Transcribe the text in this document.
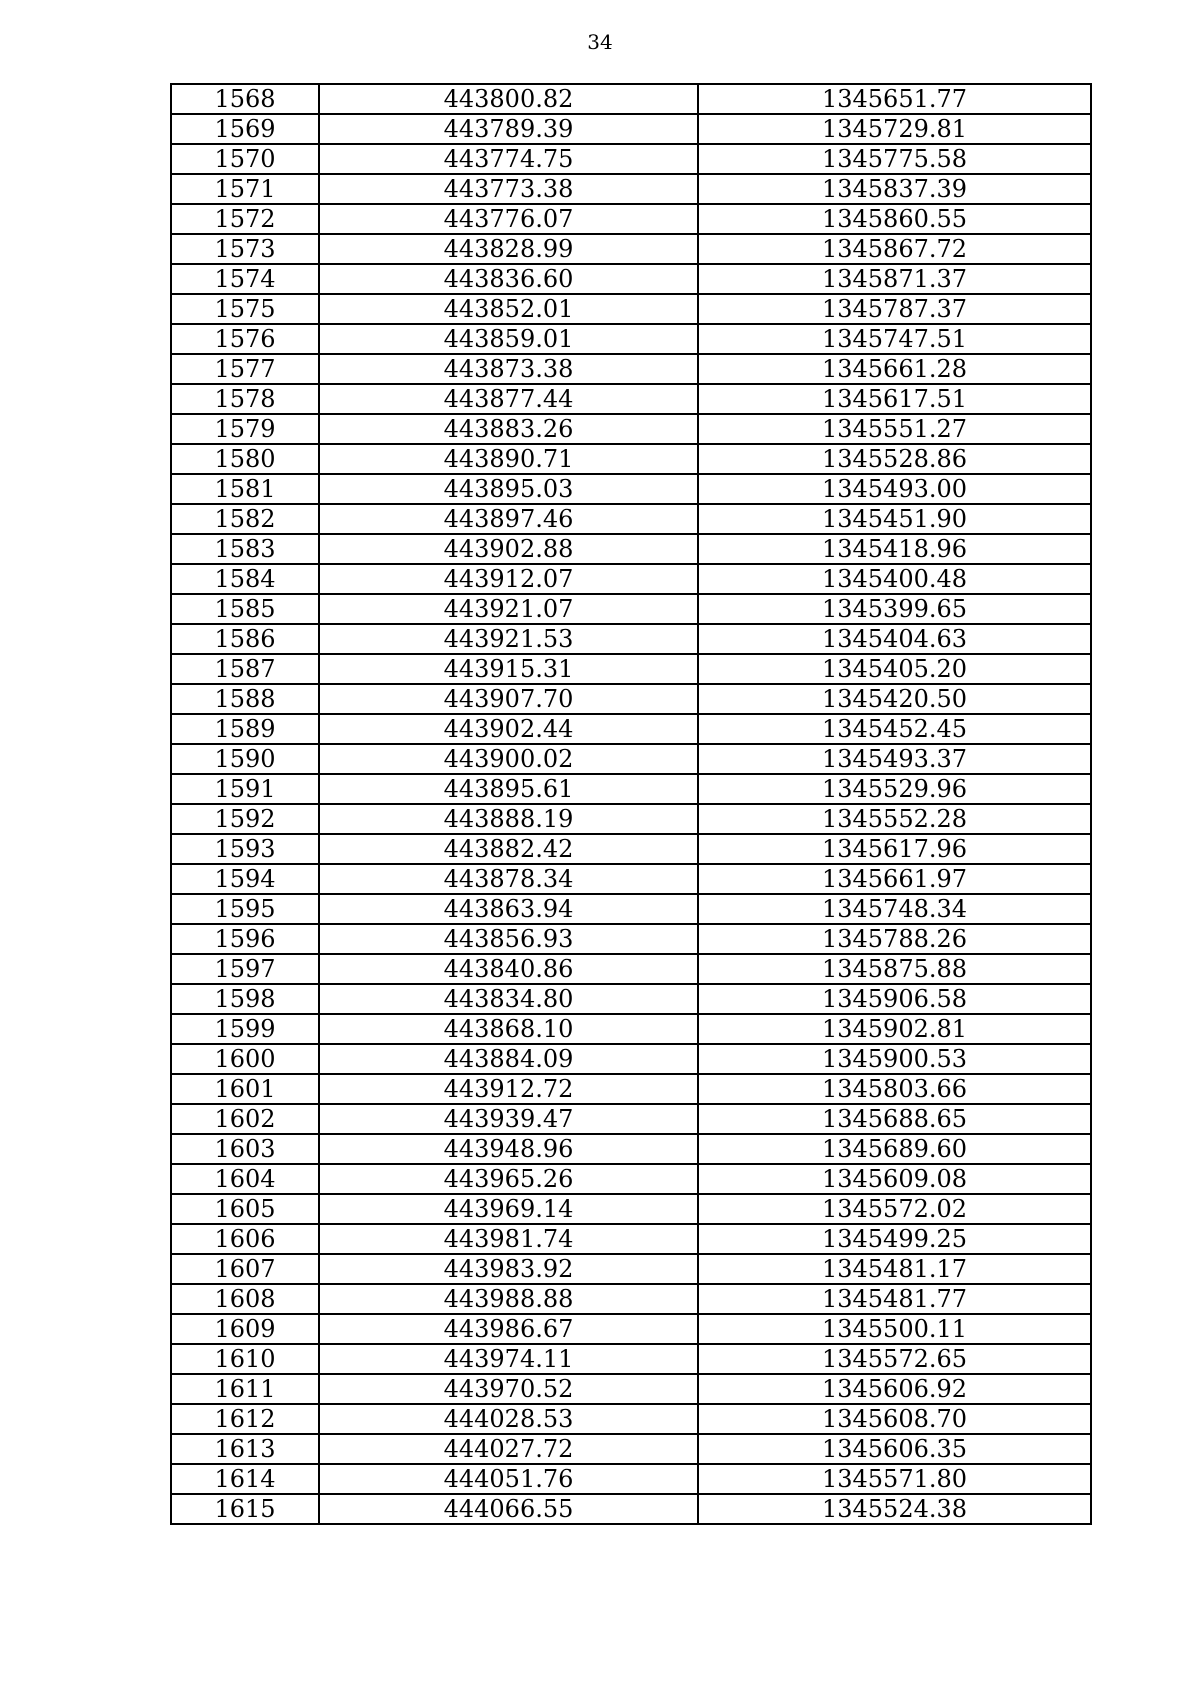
34
1568	443800.82	1345651.77
1569	443789.39	1345729.81
1570	443774.75	1345775.58
1571	443773.38	1345837.39
1572	443776.07	1345860.55
1573	443828.99	1345867.72
1574	443836.60	1345871.37
1575	443852.01	1345787.37
1576	443859.01	1345747.51
1577	443873.38	1345661.28
1578	443877.44	1345617.51
1579	443883.26	1345551.27
1580	443890.71	1345528.86
1581	443895.03	1345493.00
1582	443897.46	1345451.90
1583	443902.88	1345418.96
1584	443912.07	1345400.48
1585	443921.07	1345399.65
1586	443921.53	1345404.63
1587	443915.31	1345405.20
1588	443907.70	1345420.50
1589	443902.44	1345452.45
1590	443900.02	1345493.37
1591	443895.61	1345529.96
1592	443888.19	1345552.28
1593	443882.42	1345617.96
1594	443878.34	1345661.97
1595	443863.94	1345748.34
1596	443856.93	1345788.26
1597	443840.86	1345875.88
1598	443834.80	1345906.58
1599	443868.10	1345902.81
1600	443884.09	1345900.53
1601	443912.72	1345803.66
1602	443939.47	1345688.65
1603	443948.96	1345689.60
1604	443965.26	1345609.08
1605	443969.14	1345572.02
1606	443981.74	1345499.25
1607	443983.92	1345481.17
1608	443988.88	1345481.77
1609	443986.67	1345500.11
1610	443974.11	1345572.65
1611	443970.52	1345606.92
1612	444028.53	1345608.70
1613	444027.72	1345606.35
1614	444051.76	1345571.80
1615	444066.55	1345524.38
